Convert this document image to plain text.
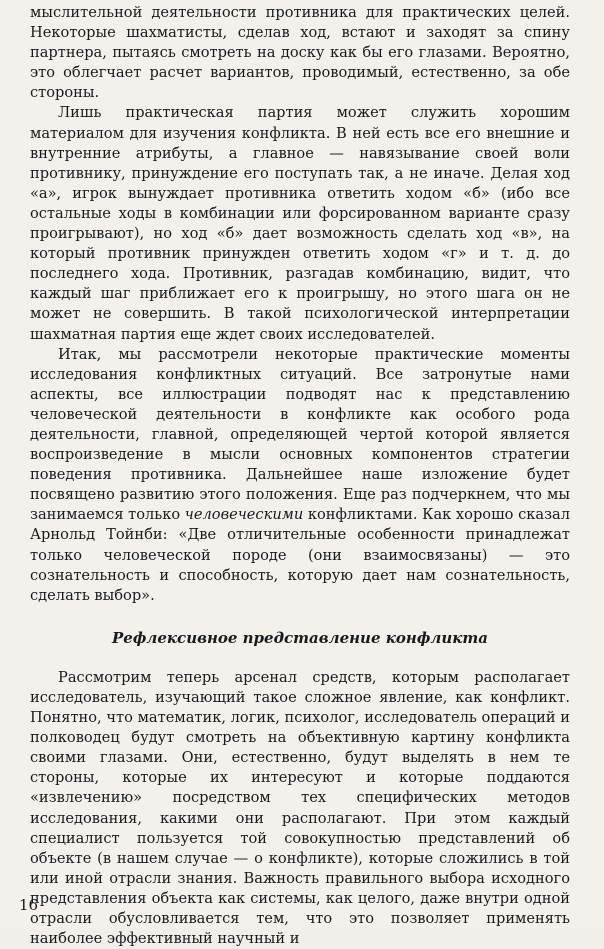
мыслительной деятельности противника для практических целей. Некоторые шахматисты, сделав ход, встают и заходят за спину партнера, пытаясь смотреть на доску как бы его глазами. Вероятно, это облегчает расчет вариантов, проводимый, естественно, за обе стороны.

Лишь практическая партия может служить хорошим материалом для изучения конфликта. В ней есть все его внешние и внутренние атрибуты, а главное — навязывание своей воли противнику, принуждение его поступать так, а не иначе. Делая ход «а», игрок вынуждает противника ответить ходом «б» (ибо все остальные ходы в комбинации или форсированном варианте сразу проигрывают), но ход «б» дает возможность сделать ход «в», на который противник принужден ответить ходом «г» и т. д. до последнего хода. Противник, разгадав комбинацию, видит, что каждый шаг приближает его к проигрышу, но этого шага он не может не совершить. В такой психологической интерпретации шахматная партия еще ждет своих исследователей.

Итак, мы рассмотрели некоторые практические моменты исследования конфликтных ситуаций. Все затронутые нами аспекты, все иллюстрации подводят нас к представлению человеческой деятельности в конфликте как особого рода деятельности, главной, определяющей чертой которой является воспроизведение в мысли основных компонентов стратегии поведения противника. Дальнейшее наше изложение будет посвящено развитию этого положения. Еще раз подчеркнем, что мы занимаемся только человеческими конфликтами. Как хорошо сказал Арнольд Тойнби: «Две отличительные особенности принадлежат только человеческой породе (они взаимосвязаны) — это сознательность и способность, которую дает нам сознательность, сделать выбор».

Рефлексивное представление конфликта

Рассмотрим теперь арсенал средств, которым располагает исследователь, изучающий такое сложное явление, как конфликт. Понятно, что математик, логик, психолог, исследователь операций и полководец будут смотреть на объективную картину конфликта своими глазами. Они, естественно, будут выделять в нем те стороны, которые их интересуют и которые поддаются «извлечению» посредством тех специфических методов исследования, какими они располагают. При этом каждый специалист пользуется той совокупностью представлений об объекте (в нашем случае — о конфликте), которые сложились в той или иной отрасли знания. Важность правильного выбора исходного представления объекта как системы, как целого, даже внутри одной отрасли обусловливается тем, что это позволяет применять наиболее эффективный научный и

16
